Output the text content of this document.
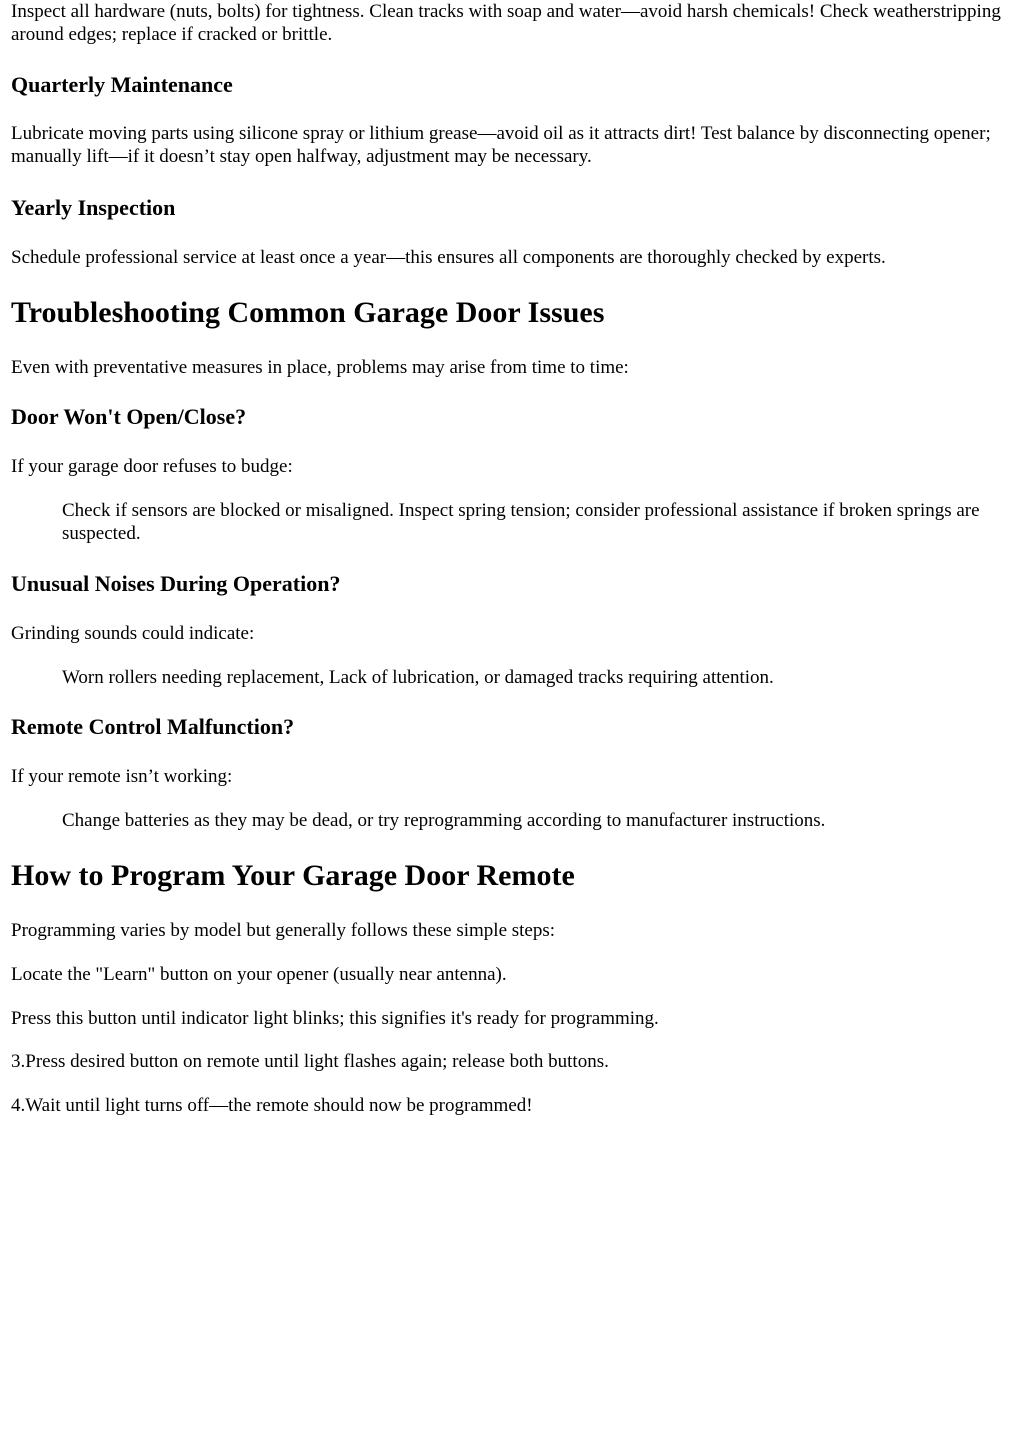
Inspect all hardware (nuts, bolts) for tightness. Clean tracks with soap and water—avoid harsh chemicals! Check weatherstripping around edges; replace if cracked or brittle.

Quarterly Maintenance

Lubricate moving parts using silicone spray or lithium grease—avoid oil as it attracts dirt! Test balance by disconnecting opener; manually lift—if it doesn’t stay open halfway, adjustment may be necessary.

Yearly Inspection

Schedule professional service at least once a year—this ensures all components are thoroughly checked by experts.

Troubleshooting Common Garage Door Issues

Even with preventative measures in place, problems may arise from time to time:

Door Won't Open/Close?

If your garage door refuses to budge:

Check if sensors are blocked or misaligned. Inspect spring tension; consider professional assistance if broken springs are suspected.

Unusual Noises During Operation?

Grinding sounds could indicate:

Worn rollers needing replacement, Lack of lubrication, or damaged tracks requiring attention.

Remote Control Malfunction?

If your remote isn’t working:

Change batteries as they may be dead, or try reprogramming according to manufacturer instructions.

How to Program Your Garage Door Remote

Programming varies by model but generally follows these simple steps:

Locate the "Learn" button on your opener (usually near antenna).

Press this button until indicator light blinks; this signifies it's ready for programming.

3.Press desired button on remote until light flashes again; release both buttons.

4.Wait until light turns off—the remote should now be programmed!
